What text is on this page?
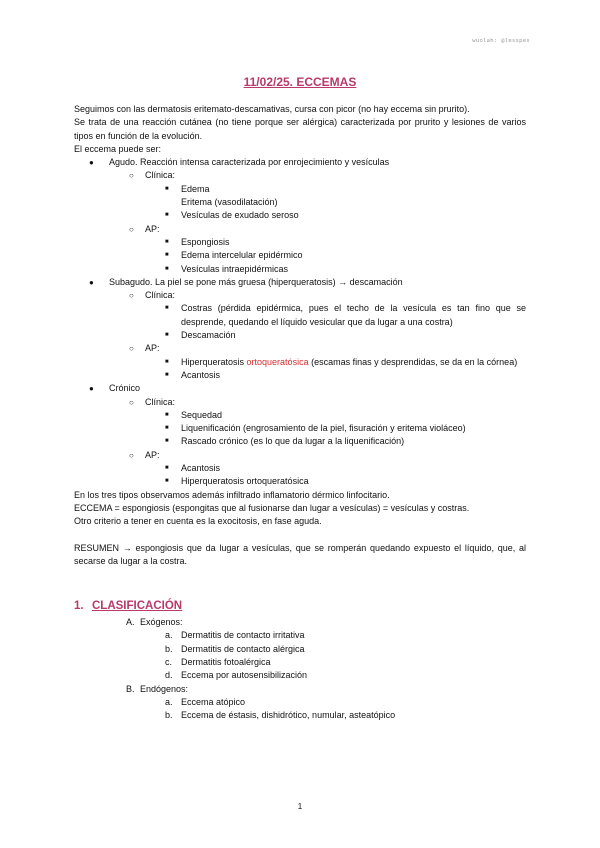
wuolah: @lesspes
11/02/25. ECCEMAS

Seguimos con las dermatosis eritemato-descamativas, cursa con picor (no hay eccema sin prurito).

Se trata de una reacción cutánea (no tiene porque ser alérgica) caracterizada por prurito y lesiones de varios tipos en función de la evolución.

El eccema puede ser:

● Agudo. Reacción intensa caracterizada por enrojecimiento y vesículas
○ Clínica:
■ Edema
Eritema (vasodilatación)
■ Vesículas de exudado seroso
○ AP:
■ Espongiosis
■ Edema intercelular epidérmico
■ Vesículas intraepidérmicas
● Subagudo. La piel se pone más gruesa (hiperqueratosis) → descamación
○ Clínica:
■ Costras (pérdida epidérmica, pues el techo de la vesícula es tan fino que se desprende, quedando el líquido vesicular que da lugar a una costra)
■ Descamación
○ AP:
■ Hiperqueratosis ortoqueratósica (escamas finas y desprendidas, se da en la córnea)
■ Acantosis
● Crónico
○ Clínica:
■ Sequedad
■ Liquenificación (engrosamiento de la piel, fisuración y eritema violáceo)
■ Rascado crónico (es lo que da lugar a la liquenificación)
○ AP:
■ Acantosis
■ Hiperqueratosis ortoqueratósica

En los tres tipos observamos además infiltrado inflamatorio dérmico linfocitario.

ECCEMA = espongiosis (espongitas que al fusionarse dan lugar a vesículas) = vesículas y costras.

Otro criterio a tener en cuenta es la exocitosis, en fase aguda.

RESUMEN → espongiosis que da lugar a vesículas, que se romperán quedando expuesto el líquido, que, al secarse da lugar a la costra.

1. CLASIFICACIÓN
A. Exógenos:
a. Dermatitis de contacto irritativa
b. Dermatitis de contacto alérgica
c. Dermatitis fotoalérgica
d. Eccema por autosensibilización
B. Endógenos:
a. Eccema atópico
b. Eccema de éstasis, dishidrótico, numular, asteatópico
1
